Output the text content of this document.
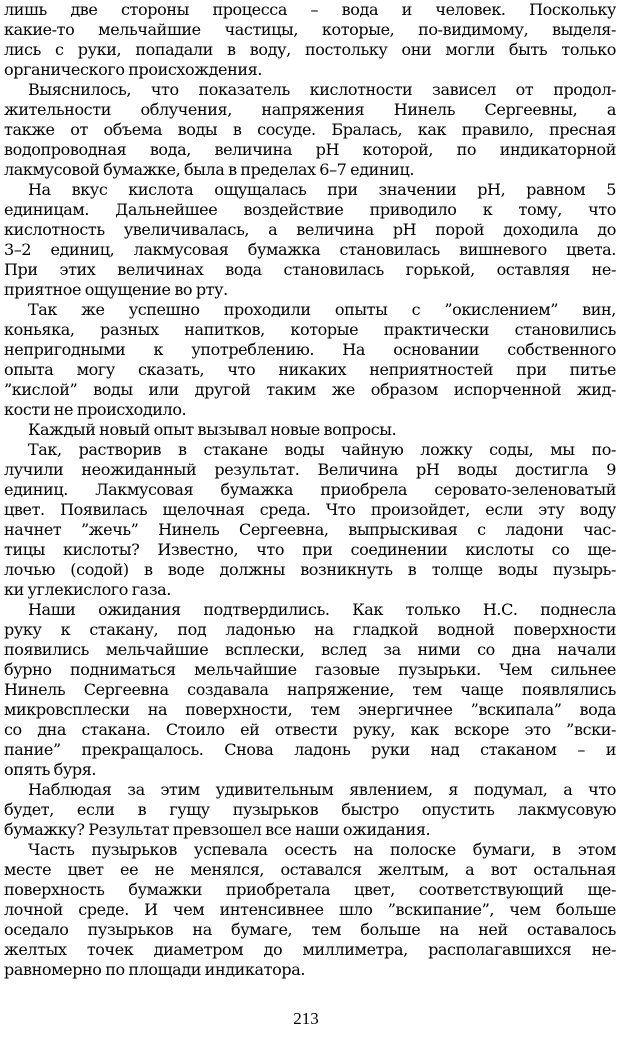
лишь две стороны процесса – вода и человек. Поскольку
какие-то мельчайшие частицы, которые, по-видимому, выделя-
лись с руки, попадали в воду, постольку они могли быть только
органического происхождения.
Выяснилось, что показатель кислотности зависел от продол-
жительности облучения, напряжения Нинель Сергеевны, а
также от объема воды в сосуде. Бралась, как правило, пресная
водопроводная вода, величина pH которой, по индикаторной
лакмусовой бумажке, была в пределах 6–7 единиц.
На вкус кислота ощущалась при значении pH, равном 5
единицам. Дальнейшее воздействие приводило к тому, что
кислотность увеличивалась, а величина pH порой доходила до
3–2 единиц, лакмусовая бумажка становилась вишневого цвета.
При этих величинах вода становилась горькой, оставляя не-
приятное ощущение во рту.
Так же успешно проходили опыты с ”окислением” вин,
коньяка, разных напитков, которые практически становились
непригодными к употреблению. На основании собственного
опыта могу сказать, что никаких неприятностей при питье
”кислой” воды или другой таким же образом испорченной жид-
кости не происходило.
Каждый новый опыт вызывал новые вопросы.
Так, растворив в стакане воды чайную ложку соды, мы по-
лучили неожиданный результат. Величина pH воды достигла 9
единиц. Лакмусовая бумажка приобрела серовато-зеленоватый
цвет. Появилась щелочная среда. Что произойдет, если эту воду
начнет ”жечь” Нинель Сергеевна, выпрыскивая с ладони час-
тицы кислоты? Известно, что при соединении кислоты со ще-
лочью (содой) в воде должны возникнуть в толще воды пузырь-
ки углекислого газа.
Наши ожидания подтвердились. Как только Н.С. поднесла
руку к стакану, под ладонью на гладкой водной поверхности
появились мельчайшие всплески, вслед за ними со дна начали
бурно подниматься мельчайшие газовые пузырьки. Чем сильнее
Нинель Сергеевна создавала напряжение, тем чаще появлялись
микровсплески на поверхности, тем энергичнее ”вскипала” вода
со дна стакана. Стоило ей отвести руку, как вскоре это ”вски-
пание” прекращалось. Снова ладонь руки над стаканом – и
опять буря.
Наблюдая за этим удивительным явлением, я подумал, а что
будет, если в гущу пузырьков быстро опустить лакмусовую
бумажку? Результат превзошел все наши ожидания.
Часть пузырьков успевала осесть на полоске бумаги, в этом
месте цвет ее не менялся, оставался желтым, а вот остальная
поверхность бумажки приобретала цвет, соответствующий ще-
лочной среде. И чем интенсивнее шло ”вскипание”, чем больше
оседало пузырьков на бумаге, тем больше на ней оставалось
желтых точек диаметром до миллиметра, располагавшихся не-
равномерно по площади индикатора.
213
